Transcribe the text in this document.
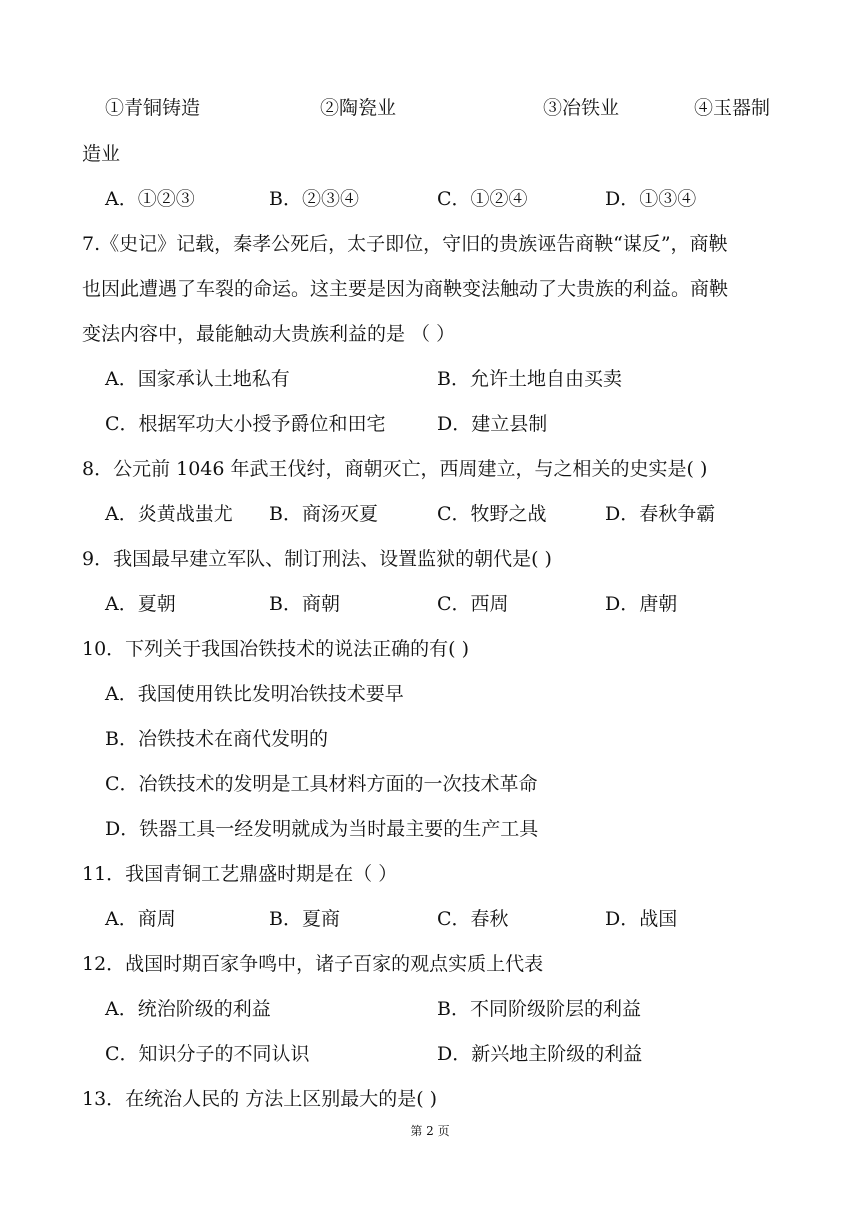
①青铜铸造	②陶瓷业	③冶铁业	④玉器制
造业
A．①②③	B．②③④	C．①②④	D．①③④
7.《史记》记载，秦孝公死后，太子即位，守旧的贵族诬告商鞅“谋反”，商鞅
也因此遭遇了车裂的命运。这主要是因为商鞅变法触动了大贵族的利益。商鞅
变法内容中，最能触动大贵族利益的是 （ ）
A．国家承认土地私有	B．允许土地自由买卖
C．根据军功大小授予爵位和田宅	D．建立县制
8．公元前 1046 年武王伐纣，商朝灭亡，西周建立，与之相关的史实是( )
A．炎黄战蚩尤 B．商汤灭夏	C．牧野之战	D．春秋争霸
9．我国最早建立军队、制订刑法、设置监狱的朝代是( )
A．夏朝	B．商朝	C．西周	D．唐朝
10．下列关于我国冶铁技术的说法正确的有( )
A．我国使用铁比发明冶铁技术要早
B．冶铁技术在商代发明的
C．冶铁技术的发明是工具材料方面的一次技术革命
D．铁器工具一经发明就成为当时最主要的生产工具
11．我国青铜工艺鼎盛时期是在（ ）
A．商周	B．夏商	C．春秋	D．战国
12．战国时期百家争鸣中，诸子百家的观点实质上代表
A．统治阶级的利益	B．不同阶级阶层的利益
C．知识分子的不同认识	D．新兴地主阶级的利益
13．在统治人民的 方法上区别最大的是( )
第 2 页
